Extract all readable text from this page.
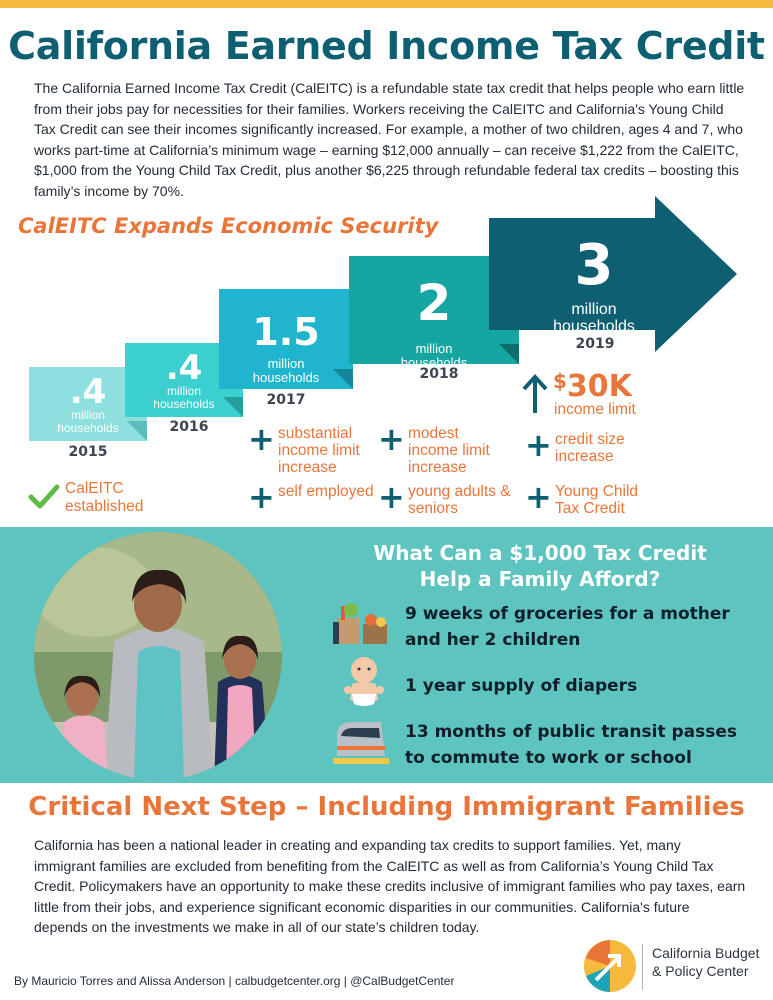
California Earned Income Tax Credit

The California Earned Income Tax Credit (CalEITC) is a refundable state tax credit that helps people who earn little from their jobs pay for necessities for their families. Workers receiving the CalEITC and California's Young Child Tax Credit can see their incomes significantly increased. For example, a mother of two children, ages 4 and 7, who works part-time at California’s minimum wage – earning $12,000 annually – can receive $1,222 from the CalEITC, $1,000 from the Young Child Tax Credit, plus another $6,225 through refundable federal tax credits – boosting this family’s income by 70%.

CalEITC Expands Economic Security
.4
million
households
2015
.4
million
households
2016
1.5
million
households
2017
2
million
households
2018
3
million
households
2019
$30K
income limit
CalEITC established
+ substantial income limit increase
+ self employed
+ modest income limit increase
+ young adults & seniors
+ credit size increase
+ Young Child Tax Credit
What Can a $1,000 Tax Credit
Help a Family Afford?
9 weeks of groceries for a mother
and her 2 children
1 year supply of diapers
13 months of public transit passes
to commute to work or school
Critical Next Step – Including Immigrant Families

California has been a national leader in creating and expanding tax credits to support families. Yet, many immigrant families are excluded from benefiting from the CalEITC as well as from California’s Young Child Tax Credit. Policymakers have an opportunity to make these credits inclusive of immigrant families who pay taxes, earn little from their jobs, and experience significant economic disparities in our communities. California's future depends on the investments we make in all of our state’s children today.

By Mauricio Torres and Alissa Anderson | calbudgetcenter.org | @CalBudgetCenter
California Budget
& Policy Center
